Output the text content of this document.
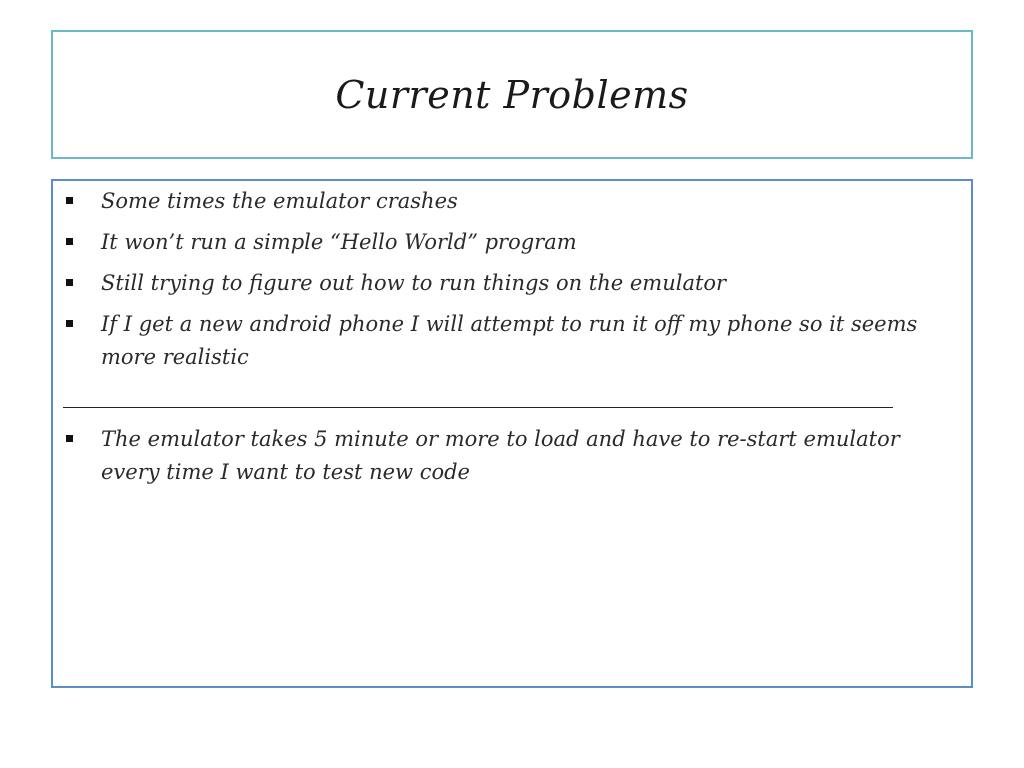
Current Problems
Some times the emulator crashes
It won’t run a simple “Hello World” program
Still trying to figure out how to run things on the emulator
If I get a new android phone I will attempt to run it off my phone so it seems more realistic
The emulator takes 5 minute or more to load and have to re-start emulator every time I want to test new code
